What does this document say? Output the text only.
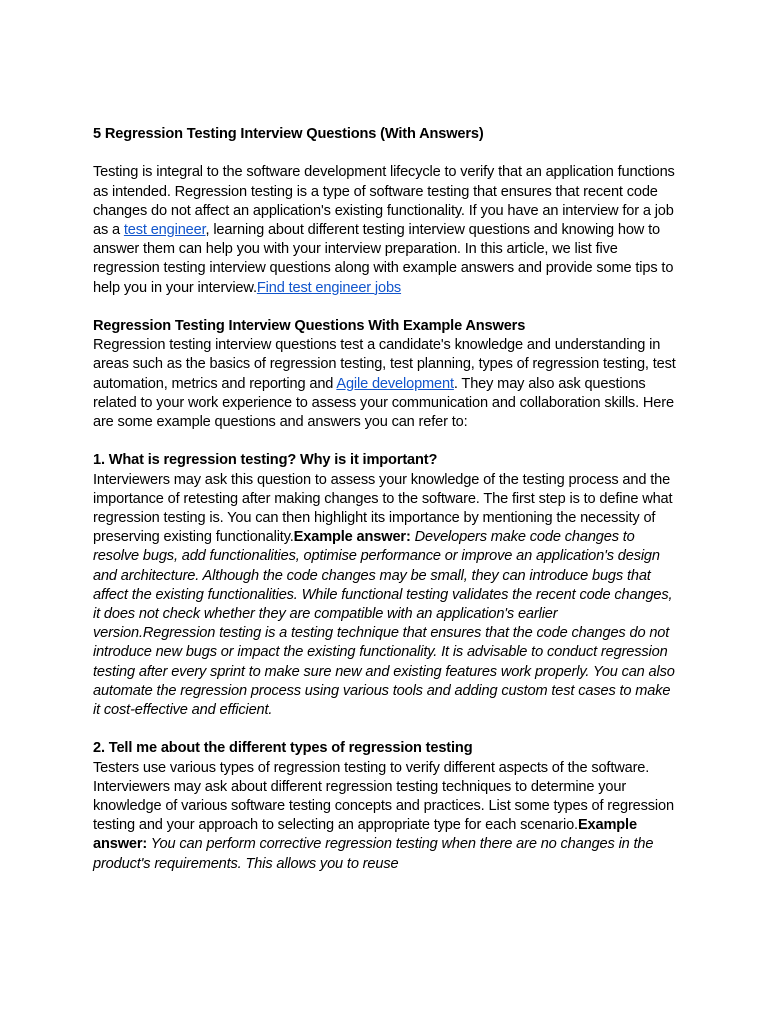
5 Regression Testing Interview Questions (With Answers)

Testing is integral to the software development lifecycle to verify that an application functions as intended. Regression testing is a type of software testing that ensures that recent code changes do not affect an application's existing functionality. If you have an interview for a job as a test engineer, learning about different testing interview questions and knowing how to answer them can help you with your interview preparation. In this article, we list five regression testing interview questions along with example answers and provide some tips to help you in your interview.Find test engineer jobs

Regression Testing Interview Questions With Example Answers

Regression testing interview questions test a candidate's knowledge and understanding in areas such as the basics of regression testing, test planning, types of regression testing, test automation, metrics and reporting and Agile development. They may also ask questions related to your work experience to assess your communication and collaboration skills. Here are some example questions and answers you can refer to:

1. What is regression testing? Why is it important?

Interviewers may ask this question to assess your knowledge of the testing process and the importance of retesting after making changes to the software. The first step is to define what regression testing is. You can then highlight its importance by mentioning the necessity of preserving existing functionality.Example answer: Developers make code changes to resolve bugs, add functionalities, optimise performance or improve an application's design and architecture. Although the code changes may be small, they can introduce bugs that affect the existing functionalities. While functional testing validates the recent code changes, it does not check whether they are compatible with an application's earlier version.Regression testing is a testing technique that ensures that the code changes do not introduce new bugs or impact the existing functionality. It is advisable to conduct regression testing after every sprint to make sure new and existing features work properly. You can also automate the regression process using various tools and adding custom test cases to make it cost-effective and efficient.

2. Tell me about the different types of regression testing

Testers use various types of regression testing to verify different aspects of the software. Interviewers may ask about different regression testing techniques to determine your knowledge of various software testing concepts and practices. List some types of regression testing and your approach to selecting an appropriate type for each scenario.Example answer: You can perform corrective regression testing when there are no changes in the product's requirements. This allows you to reuse
